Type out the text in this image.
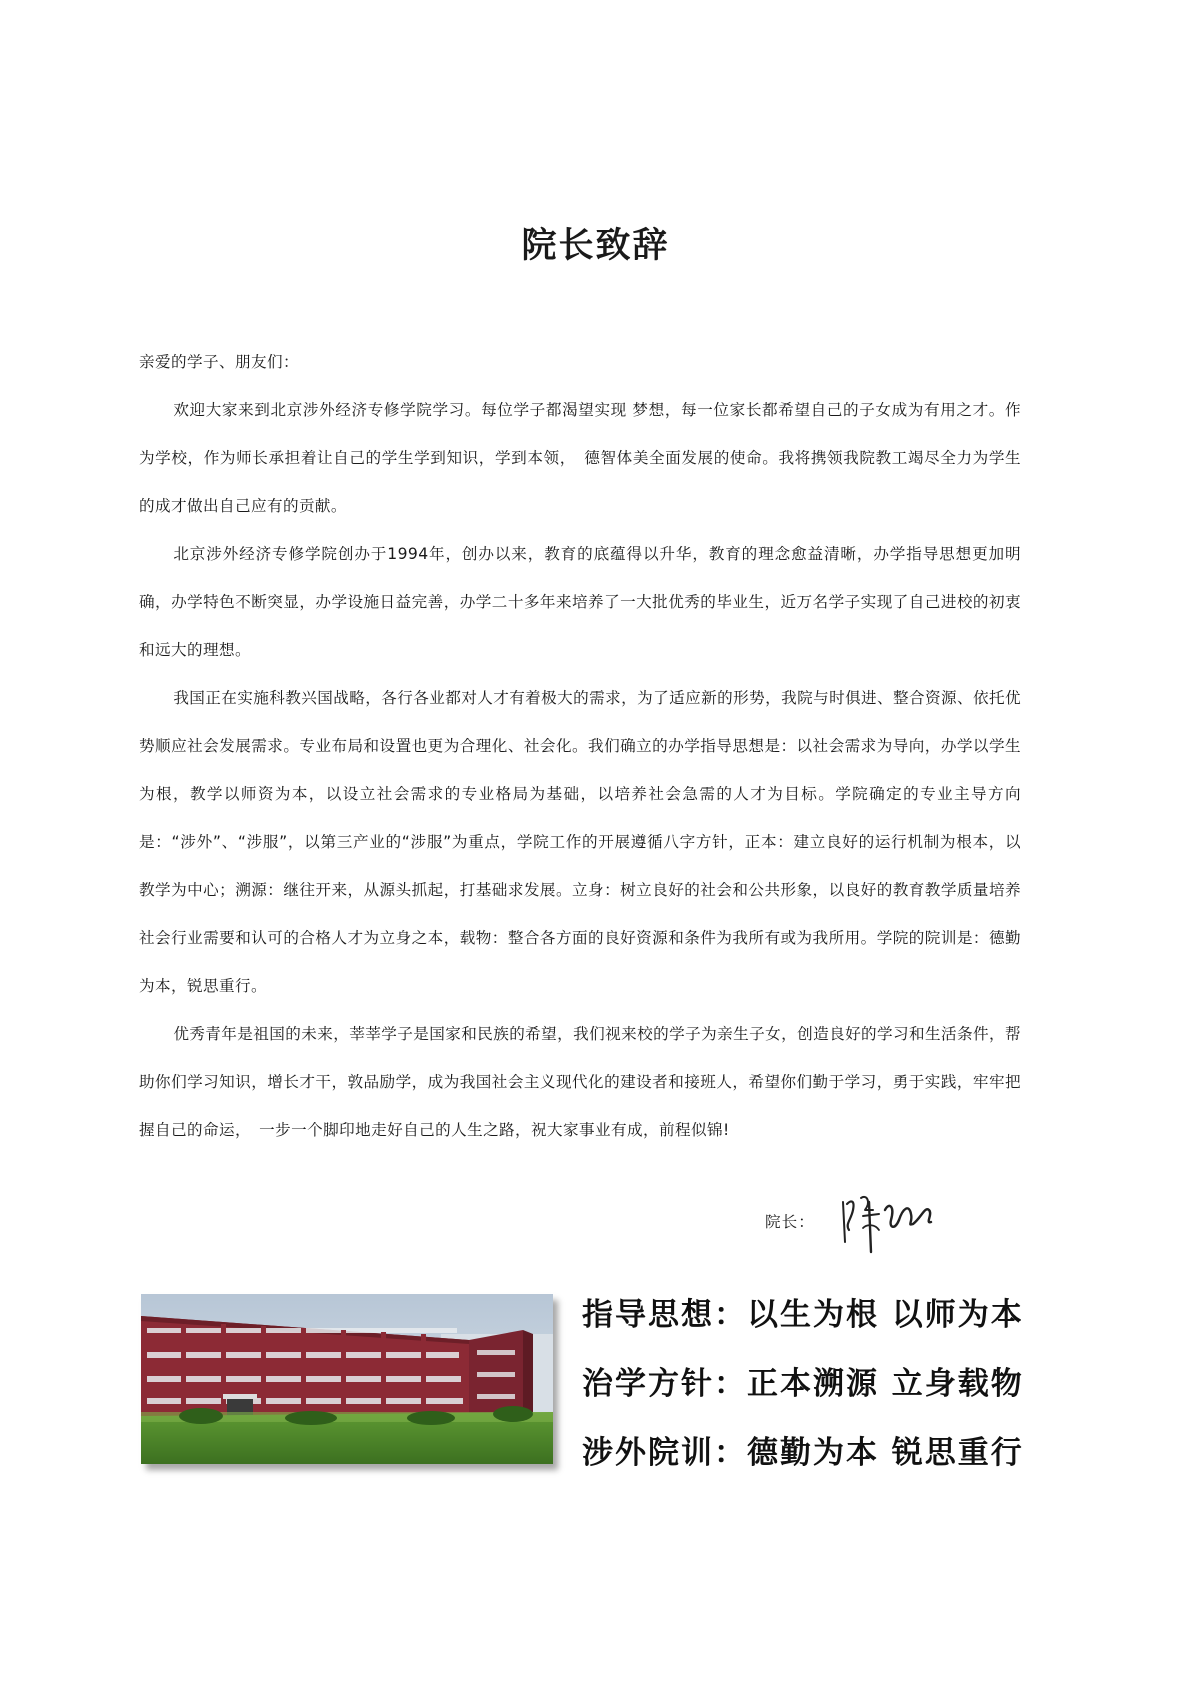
院长致辞

亲爱的学子、朋友们：

欢迎大家来到北京涉外经济专修学院学习。每位学子都渴望实现 梦想，每一位家长都希望自己的子女成为有用之才。作为学校，作为师长承担着让自己的学生学到知识，学到本领，　德智体美全面发展的使命。我将携领我院教工竭尽全力为学生的成才做出自己应有的贡献。

北京涉外经济专修学院创办于1994年，创办以来，教育的底蕴得以升华，教育的理念愈益清晰，办学指导思想更加明确，办学特色不断突显，办学设施日益完善，办学二十多年来培养了一大批优秀的毕业生，近万名学子实现了自己进校的初衷和远大的理想。

我国正在实施科教兴国战略，各行各业都对人才有着极大的需求，为了适应新的形势，我院与时俱进、整合资源、依托优势顺应社会发展需求。专业布局和设置也更为合理化、社会化。我们确立的办学指导思想是：以社会需求为导向，办学以学生为根，教学以师资为本，以设立社会需求的专业格局为基础，以培养社会急需的人才为目标。学院确定的专业主导方向是：“涉外”、“涉服”，以第三产业的“涉服”为重点，学院工作的开展遵循八字方针，正本：建立良好的运行机制为根本，以教学为中心；溯源：继往开来，从源头抓起，打基础求发展。立身：树立良好的社会和公共形象，以良好的教育教学质量培养社会行业需要和认可的合格人才为立身之本，载物：整合各方面的良好资源和条件为我所有或为我所用。学院的院训是：德勤为本，锐思重行。

优秀青年是祖国的未来，莘莘学子是国家和民族的希望，我们视来校的学子为亲生子女，创造良好的学习和生活条件，帮助你们学习知识，增长才干，敦品励学，成为我国社会主义现代化的建设者和接班人，希望你们勤于学习，勇于实践，牢牢把握自己的命运，　一步一个脚印地走好自己的人生之路，祝大家事业有成，前程似锦!

院长：
指导思想：以生为根 以师为本
治学方针：正本溯源 立身载物
涉外院训：德勤为本 锐思重行
